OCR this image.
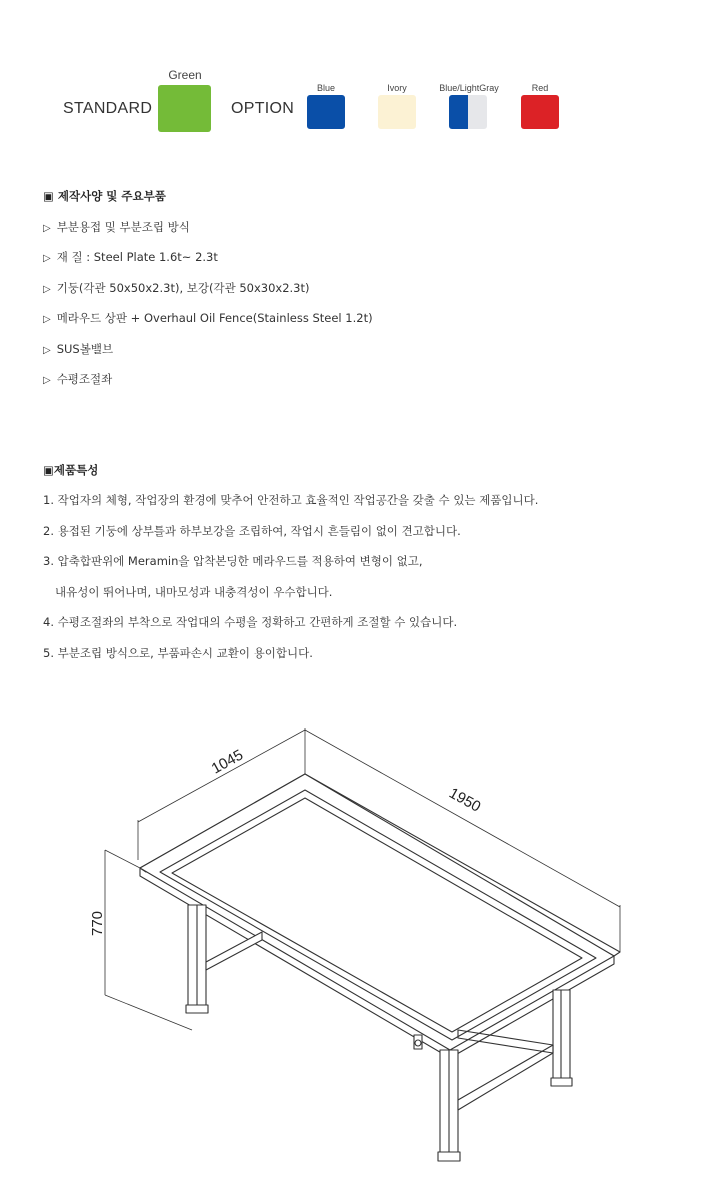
STANDARD
Green
OPTION
Blue	Ivory	Blue/LightGray	Red
▣ 제작사양 및 주요부품
▷ 부분용접 및 부분조립 방식
▷ 재 질 : Steel Plate 1.6t~ 2.3t
▷ 기둥(각관 50x50x2.3t), 보강(각관 50x30x2.3t)
▷ 메라우드 상판 + Overhaul Oil Fence(Stainless Steel 1.2t)
▷ SUS볼밸브
▷ 수평조절좌
▣제품특성
1. 작업자의 체형, 작업장의 환경에 맞추어 안전하고 효율적인 작업공간을 갖출 수 있는 제품입니다.
2. 용접된 기둥에 상부틀과 하부보강을 조립하여, 작업시 흔들림이 없이 견고합니다.
3. 압축합판위에 Meramin을 압착본딩한 메라우드를 적용하여 변형이 없고,
내유성이 뛰어나며, 내마모성과 내충격성이 우수합니다.
4. 수평조절좌의 부착으로 작업대의 수평을 정확하고 간편하게 조절할 수 있습니다.
5. 부분조립 방식으로, 부품파손시 교환이 용이합니다.
1045
1950
770
